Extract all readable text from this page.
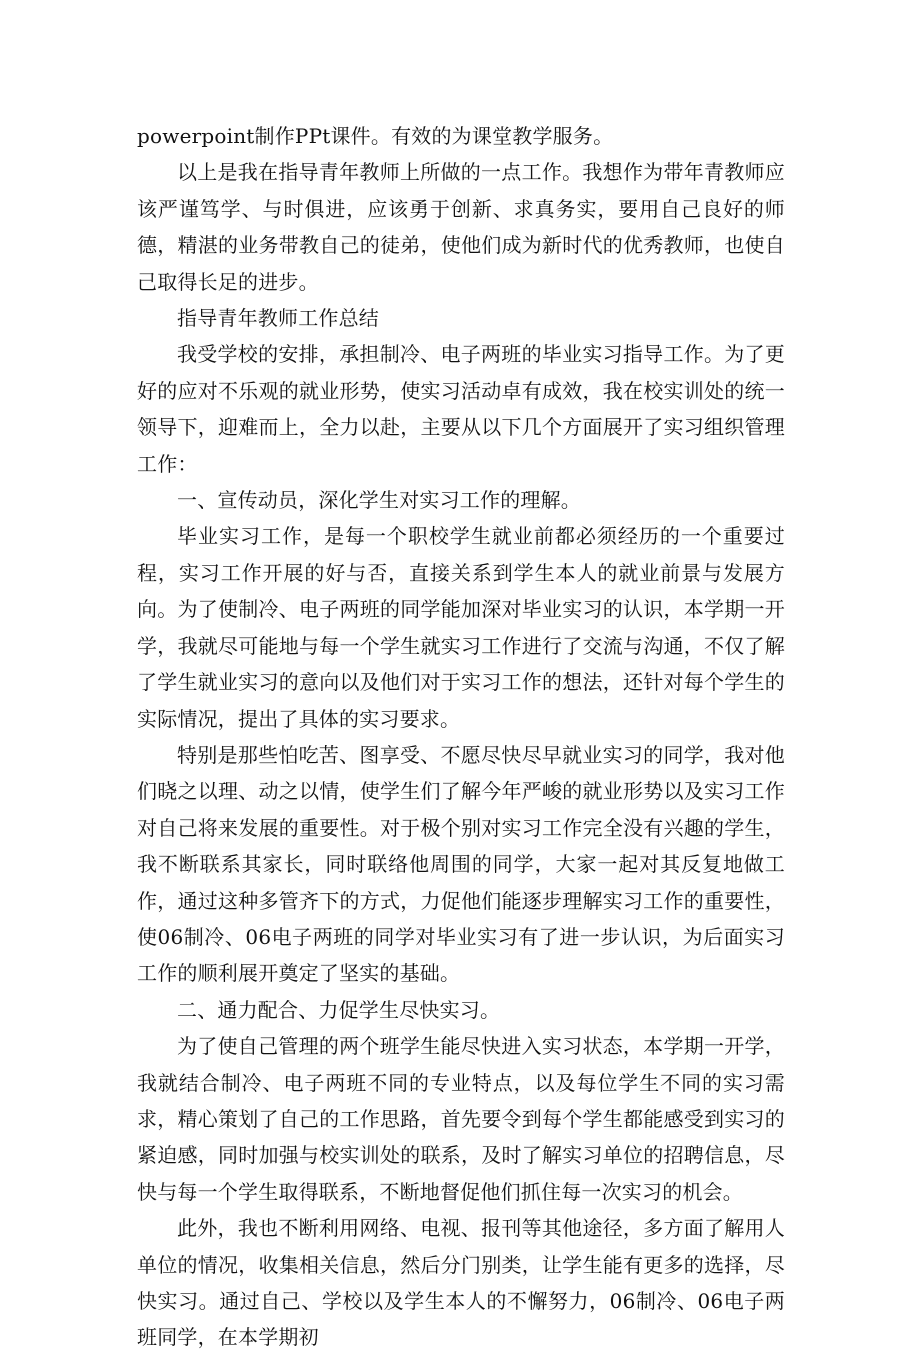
powerpoint制作PPt课件。有效的为课堂教学服务。

以上是我在指导青年教师上所做的一点工作。我想作为带年青教师应该严谨笃学、与时俱进，应该勇于创新、求真务实，要用自己良好的师德，精湛的业务带教自己的徒弟，使他们成为新时代的优秀教师，也使自己取得长足的进步。

指导青年教师工作总结

我受学校的安排，承担制冷、电子两班的毕业实习指导工作。为了更好的应对不乐观的就业形势，使实习活动卓有成效，我在校实训处的统一领导下，迎难而上，全力以赴，主要从以下几个方面展开了实习组织管理工作：

一、宣传动员，深化学生对实习工作的理解。

毕业实习工作，是每一个职校学生就业前都必须经历的一个重要过程，实习工作开展的好与否，直接关系到学生本人的就业前景与发展方向。为了使制冷、电子两班的同学能加深对毕业实习的认识，本学期一开学，我就尽可能地与每一个学生就实习工作进行了交流与沟通，不仅了解了学生就业实习的意向以及他们对于实习工作的想法，还针对每个学生的实际情况，提出了具体的实习要求。

特别是那些怕吃苦、图享受、不愿尽快尽早就业实习的同学，我对他们晓之以理、动之以情，使学生们了解今年严峻的就业形势以及实习工作对自己将来发展的重要性。对于极个别对实习工作完全没有兴趣的学生，我不断联系其家长，同时联络他周围的同学，大家一起对其反复地做工作，通过这种多管齐下的方式，力促他们能逐步理解实习工作的重要性，使06制冷、06电子两班的同学对毕业实习有了进一步认识，为后面实习工作的顺利展开奠定了坚实的基础。

二、通力配合、力促学生尽快实习。

为了使自己管理的两个班学生能尽快进入实习状态，本学期一开学，我就结合制冷、电子两班不同的专业特点，以及每位学生不同的实习需求，精心策划了自己的工作思路，首先要令到每个学生都能感受到实习的紧迫感，同时加强与校实训处的联系，及时了解实习单位的招聘信息，尽快与每一个学生取得联系，不断地督促他们抓住每一次实习的机会。

此外，我也不断利用网络、电视、报刊等其他途径，多方面了解用人单位的情况，收集相关信息，然后分门别类，让学生能有更多的选择，尽快实习。通过自己、学校以及学生本人的不懈努力，06制冷、06电子两班同学，在本学期初
